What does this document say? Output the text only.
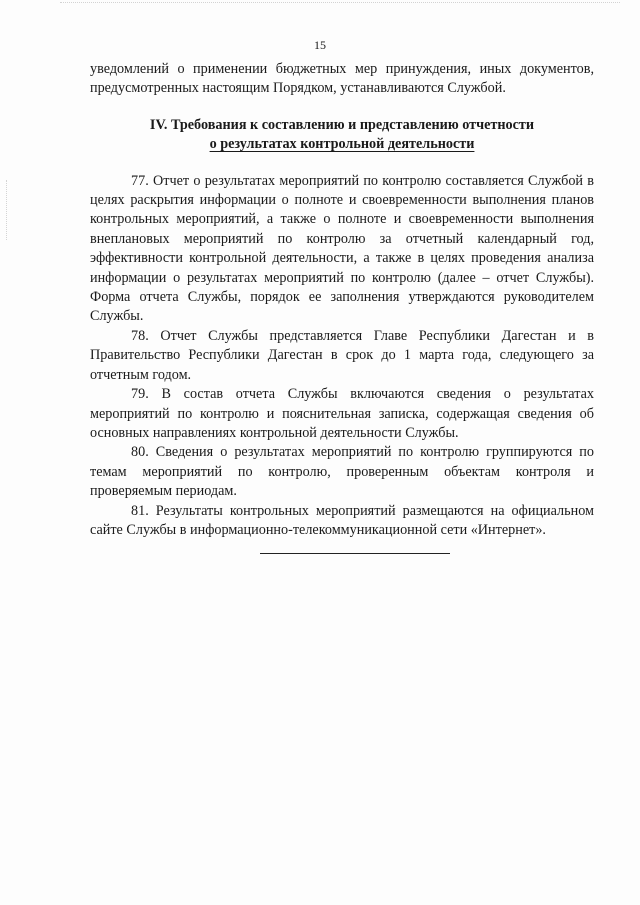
15

уведомлений о применении бюджетных мер принуждения, иных документов, предусмотренных настоящим Порядком, устанавливаются Службой.

IV. Требования к составлению и представлению отчетности
о результатах контрольной деятельности

77. Отчет о результатах мероприятий по контролю составляется Службой в целях раскрытия информации о полноте и своевременности выполнения планов контрольных мероприятий, а также о полноте и своевременности выполнения внеплановых мероприятий по контролю за отчетный календарный год, эффективности контрольной деятельности, а также в целях проведения анализа информации о результатах мероприятий по контролю (далее – отчет Службы). Форма отчета Службы, порядок ее заполнения утверждаются руководителем Службы.

78. Отчет Службы представляется Главе Республики Дагестан и в Правительство Республики Дагестан в срок до 1 марта года, следующего за отчетным годом.

79. В состав отчета Службы включаются сведения о результатах мероприятий по контролю и пояснительная записка, содержащая сведения об основных направлениях контрольной деятельности Службы.

80. Сведения о результатах мероприятий по контролю группируются по темам мероприятий по контролю, проверенным объектам контроля и проверяемым периодам.

81. Результаты контрольных мероприятий размещаются на официальном сайте Службы в информационно-телекоммуникационной сети «Интернет».
